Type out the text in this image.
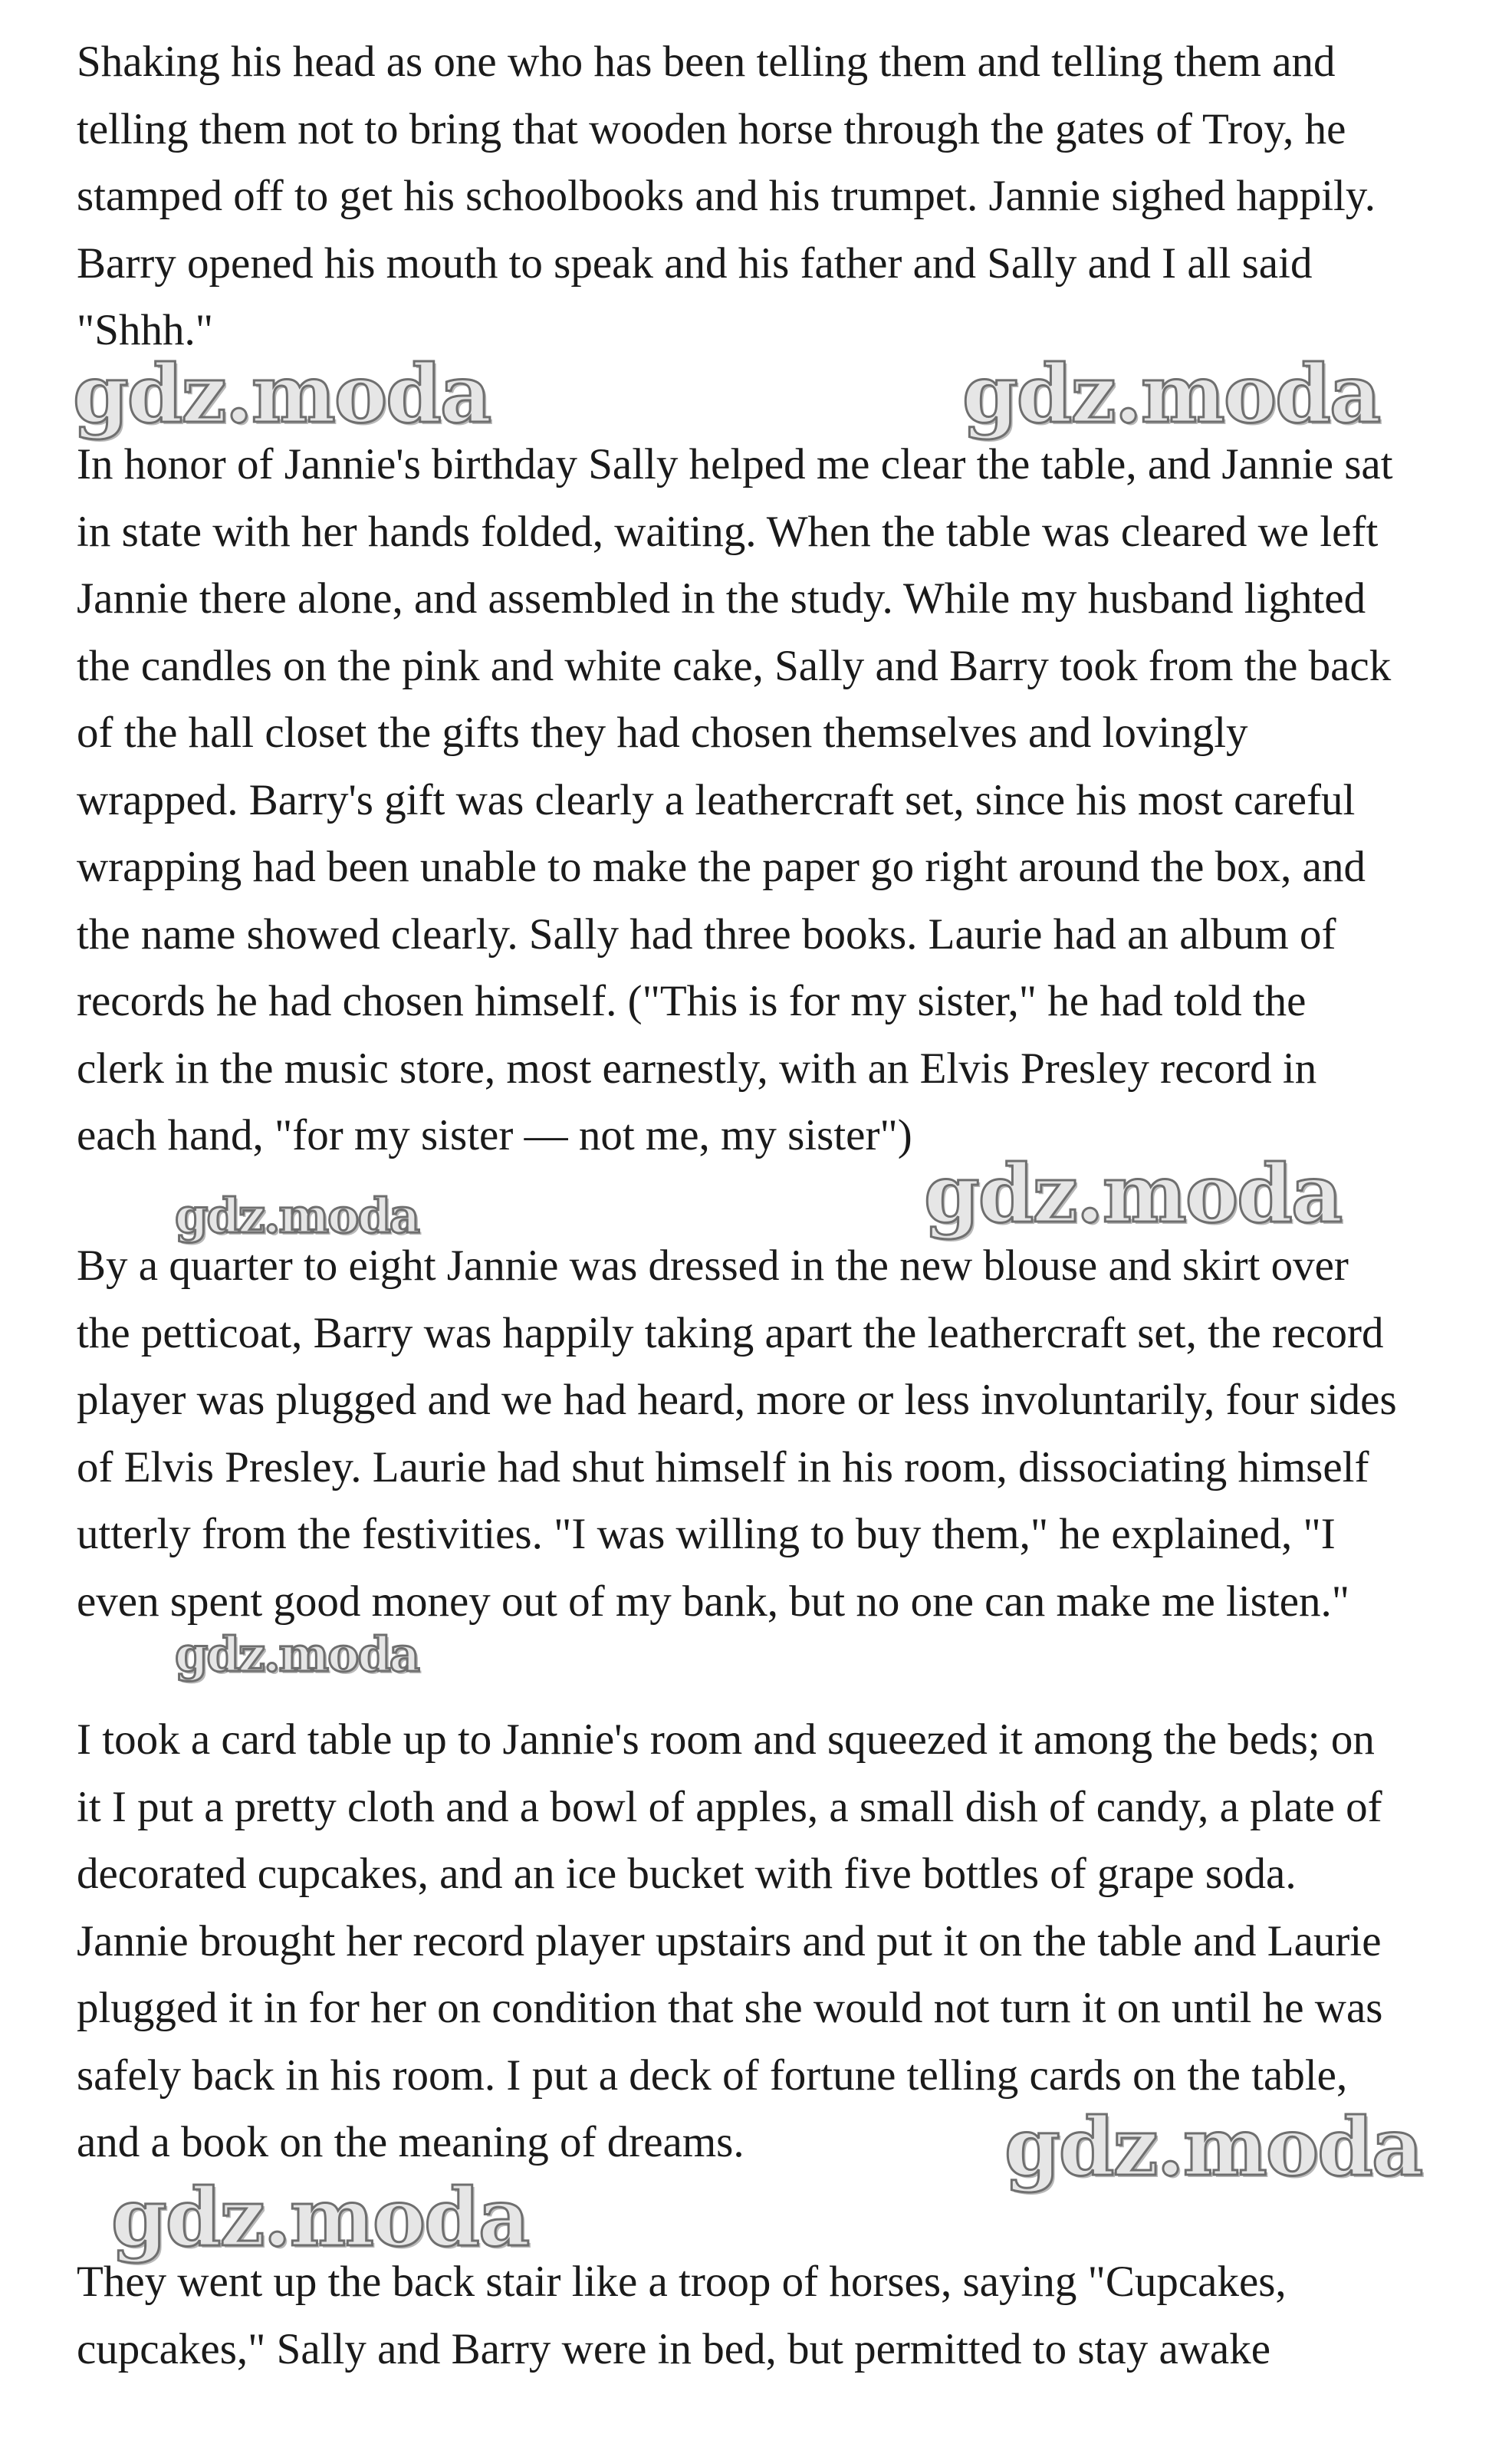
Shaking his head as one who has been telling them and telling them and
telling them not to bring that wooden horse through the gates of Troy, he
stamped off to get his schoolbooks and his trumpet. Jannie sighed happily.
Barry opened his mouth to speak and his father and Sally and I all said
"Shhh."

gdz.moda	gdz.moda

In honor of Jannie's birthday Sally helped me clear the table, and Jannie sat
in state with her hands folded, waiting. When the table was cleared we left
Jannie there alone, and assembled in the study. While my husband lighted
the candles on the pink and white cake, Sally and Barry took from the back
of the hall closet the gifts they had chosen themselves and lovingly
wrapped. Barry's gift was clearly a leathercraft set, since his most careful
wrapping had been unable to make the paper go right around the box, and
the name showed clearly. Sally had three books. Laurie had an album of
records he had chosen himself. ("This is for my sister," he had told the
clerk in the music store, most earnestly, with an Elvis Presley record in
each hand, "for my sister — not me, my sister")

gdz.moda	gdz.moda

By a quarter to eight Jannie was dressed in the new blouse and skirt over
the petticoat, Barry was happily taking apart the leathercraft set, the record
player was plugged and we had heard, more or less involuntarily, four sides
of Elvis Presley. Laurie had shut himself in his room, dissociating himself
utterly from the festivities. "I was willing to buy them," he explained, "I
even spent good money out of my bank, but no one can make me listen."

gdz.moda

I took a card table up to Jannie's room and squeezed it among the beds; on
it I put a pretty cloth and a bowl of apples, a small dish of candy, a plate of
decorated cupcakes, and an ice bucket with five bottles of grape soda.
Jannie brought her record player upstairs and put it on the table and Laurie
plugged it in for her on condition that she would not turn it on until he was
safely back in his room. I put a deck of fortune telling cards on the table,
and a book on the meaning of dreams.	gdz.moda
gdz.moda

They went up the back stair like a troop of horses, saying "Cupcakes,
cupcakes," Sally and Barry were in bed, but permitted to stay awake
